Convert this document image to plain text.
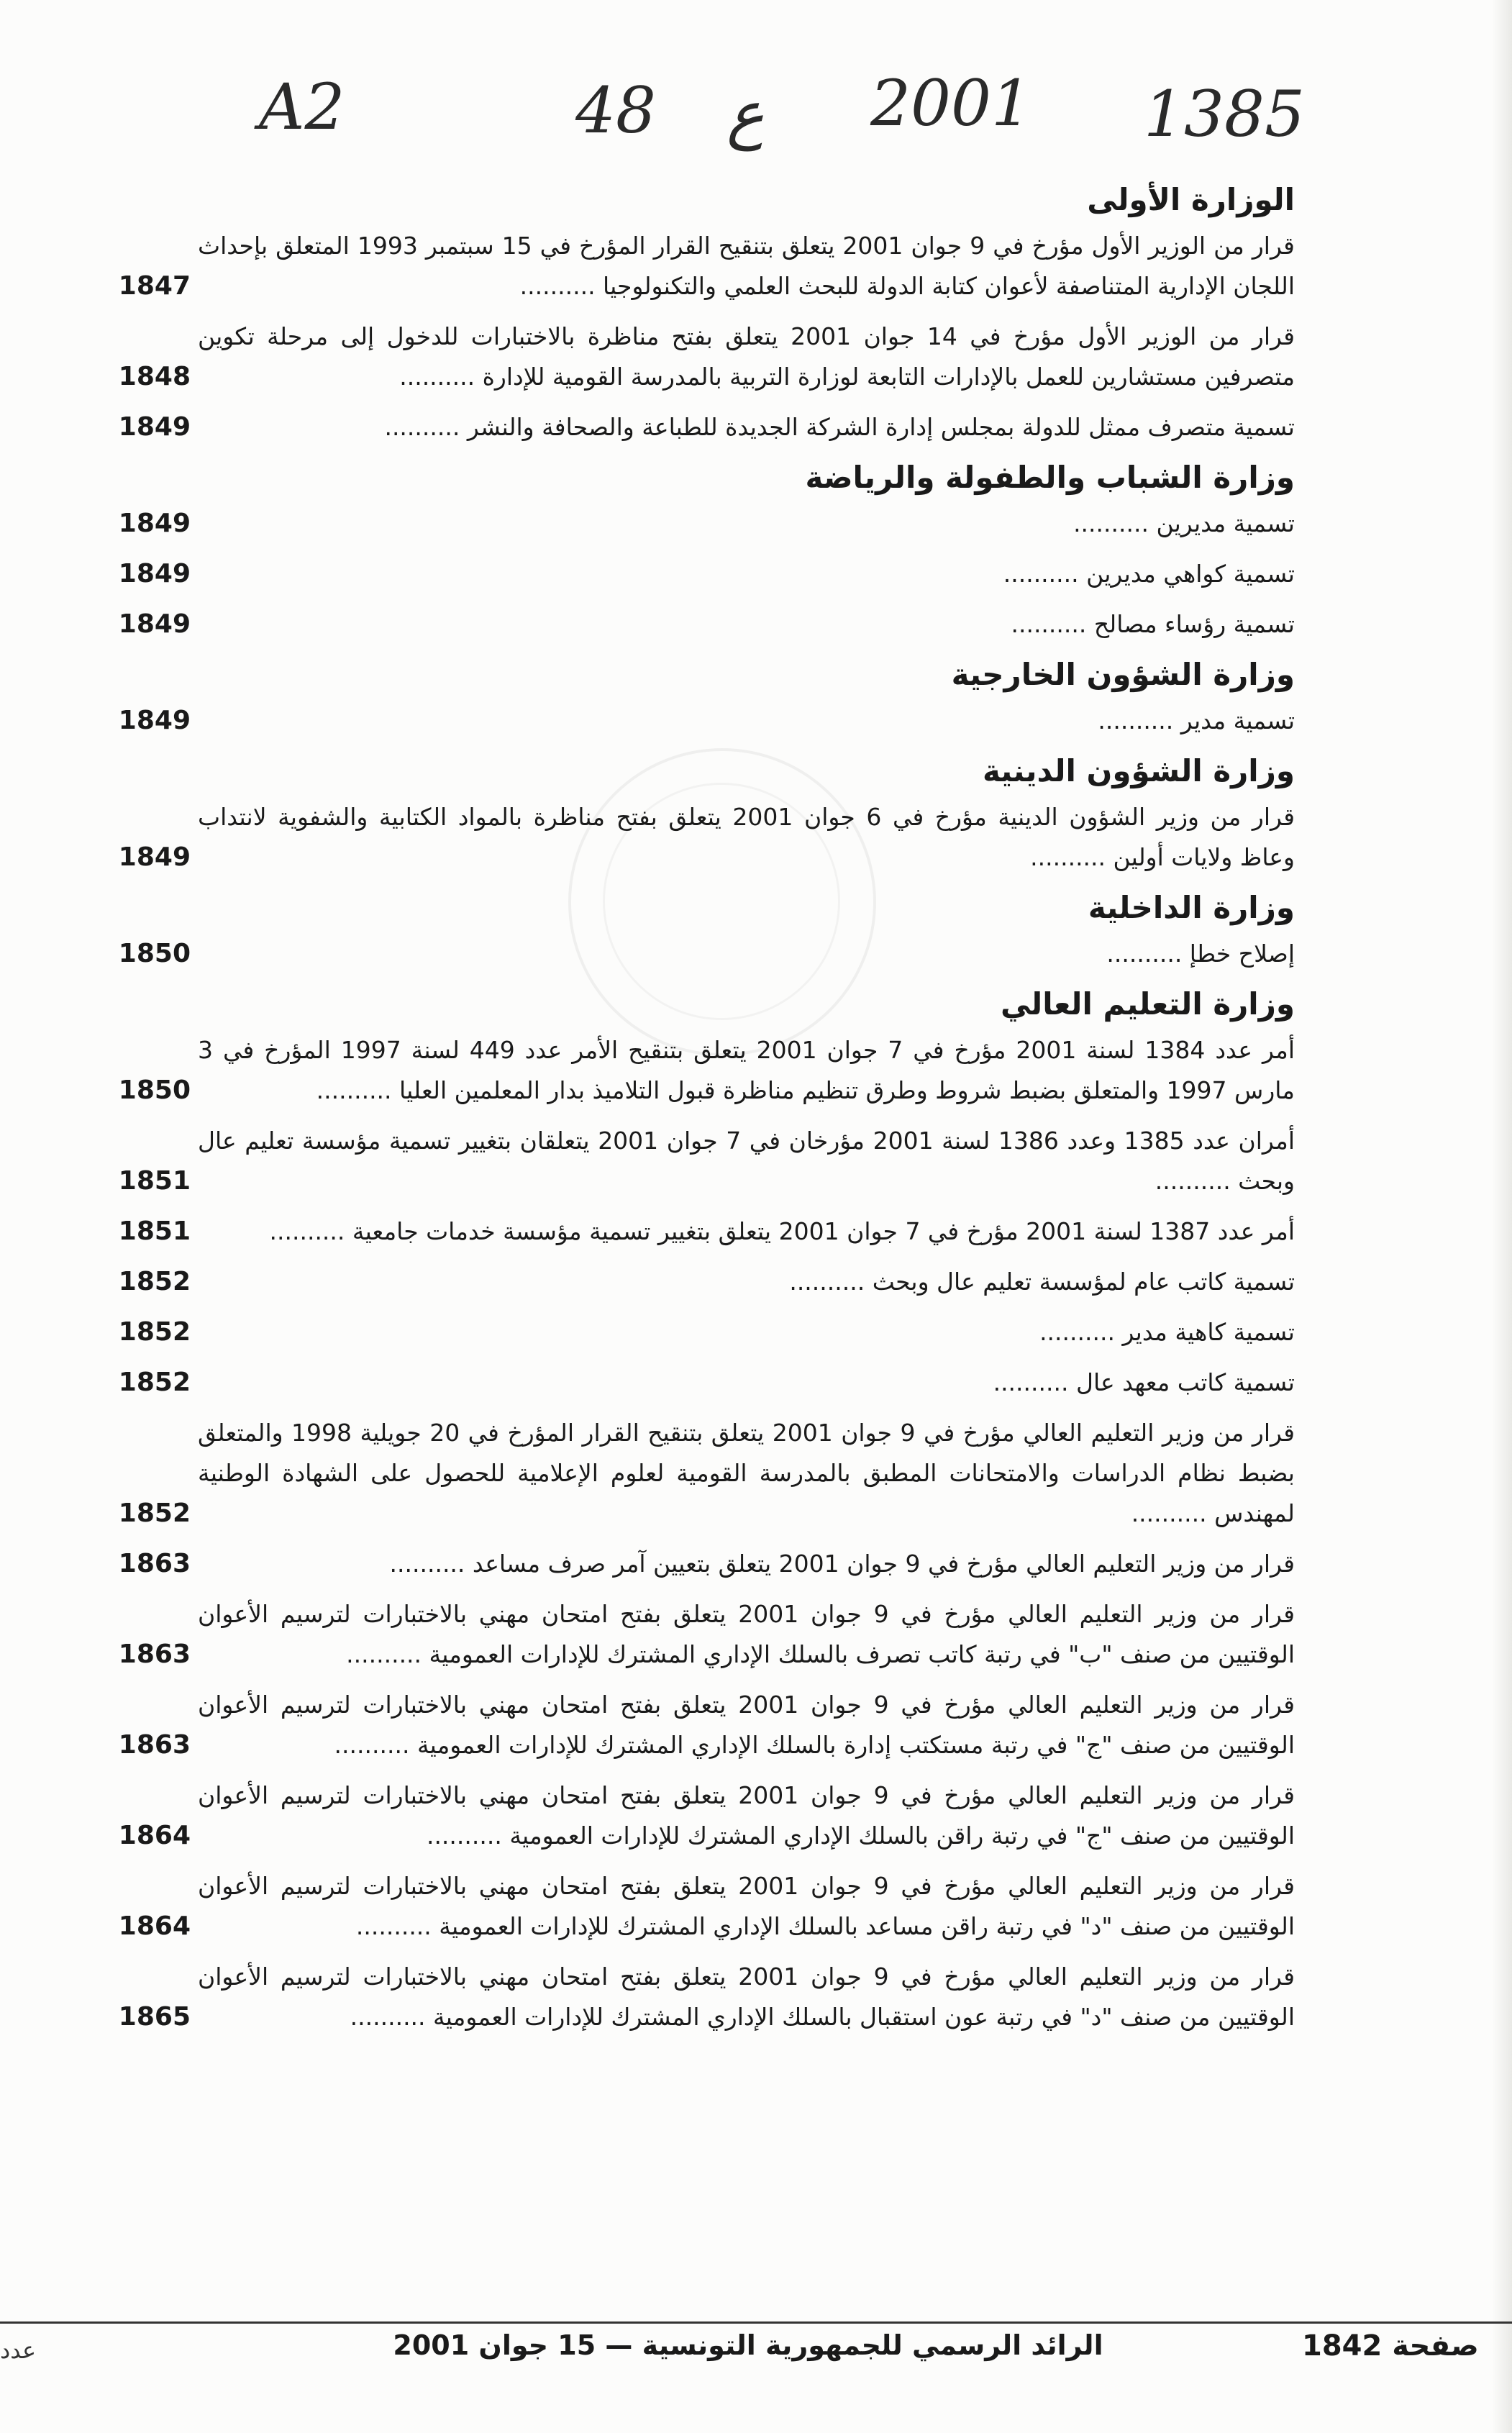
A2	48 ع 2001 1385
الوزارة الأولى
قرار من الوزير الأول مؤرخ في 9 جوان 2001 يتعلق بتنقيح القرار المؤرخ في 15 سبتمبر 1993 المتعلق بإحداث اللجان الإدارية المتناصفة لأعوان كتابة الدولة للبحث العلمي والتكنولوجيا ..........
1847
قرار من الوزير الأول مؤرخ في 14 جوان 2001 يتعلق بفتح مناظرة بالاختبارات للدخول إلى مرحلة تكوين متصرفين مستشارين للعمل بالإدارات التابعة لوزارة التربية بالمدرسة القومية للإدارة ..........
1848
تسمية متصرف ممثل للدولة بمجلس إدارة الشركة الجديدة للطباعة والصحافة والنشر ..........
1849
وزارة الشباب والطفولة والرياضة
تسمية مديرين ..........
1849
تسمية كواهي مديرين ..........
1849
تسمية رؤساء مصالح ..........
1849
وزارة الشؤون الخارجية
تسمية مدير ..........
1849
وزارة الشؤون الدينية
قرار من وزير الشؤون الدينية مؤرخ في 6 جوان 2001 يتعلق بفتح مناظرة بالمواد الكتابية والشفوية لانتداب وعاظ ولايات أولين ..........
1849
وزارة الداخلية
إصلاح خطإ ..........
1850
وزارة التعليم العالي
أمر عدد 1384 لسنة 2001 مؤرخ في 7 جوان 2001 يتعلق بتنقيح الأمر عدد 449 لسنة 1997 المؤرخ في 3 مارس 1997 والمتعلق بضبط شروط وطرق تنظيم مناظرة قبول التلاميذ بدار المعلمين العليا ..........
1850
أمران عدد 1385 وعدد 1386 لسنة 2001 مؤرخان في 7 جوان 2001 يتعلقان بتغيير تسمية مؤسسة تعليم عال وبحث ..........
1851
أمر عدد 1387 لسنة 2001 مؤرخ في 7 جوان 2001 يتعلق بتغيير تسمية مؤسسة خدمات جامعية ..........
1851
تسمية كاتب عام لمؤسسة تعليم عال وبحث ..........
1852
تسمية كاهية مدير ..........
1852
تسمية كاتب معهد عال ..........
1852
قرار من وزير التعليم العالي مؤرخ في 9 جوان 2001 يتعلق بتنقيح القرار المؤرخ في 20 جويلية 1998 والمتعلق بضبط نظام الدراسات والامتحانات المطبق بالمدرسة القومية لعلوم الإعلامية للحصول على الشهادة الوطنية لمهندس ..........
1852
قرار من وزير التعليم العالي مؤرخ في 9 جوان 2001 يتعلق بتعيين آمر صرف مساعد ..........
1863
قرار من وزير التعليم العالي مؤرخ في 9 جوان 2001 يتعلق بفتح امتحان مهني بالاختبارات لترسيم الأعوان الوقتيين من صنف "ب" في رتبة كاتب تصرف بالسلك الإداري المشترك للإدارات العمومية ..........
1863
قرار من وزير التعليم العالي مؤرخ في 9 جوان 2001 يتعلق بفتح امتحان مهني بالاختبارات لترسيم الأعوان الوقتيين من صنف "ج" في رتبة مستكتب إدارة بالسلك الإداري المشترك للإدارات العمومية ..........
1863
قرار من وزير التعليم العالي مؤرخ في 9 جوان 2001 يتعلق بفتح امتحان مهني بالاختبارات لترسيم الأعوان الوقتيين من صنف "ج" في رتبة راقن بالسلك الإداري المشترك للإدارات العمومية ..........
1864
قرار من وزير التعليم العالي مؤرخ في 9 جوان 2001 يتعلق بفتح امتحان مهني بالاختبارات لترسيم الأعوان الوقتيين من صنف "د" في رتبة راقن مساعد بالسلك الإداري المشترك للإدارات العمومية ..........
1864
قرار من وزير التعليم العالي مؤرخ في 9 جوان 2001 يتعلق بفتح امتحان مهني بالاختبارات لترسيم الأعوان الوقتيين من صنف "د" في رتبة عون استقبال بالسلك الإداري المشترك للإدارات العمومية ..........
1865
صفحة 1842
الرائد الرسمي للجمهورية التونسية — 15 جوان 2001
عدد
